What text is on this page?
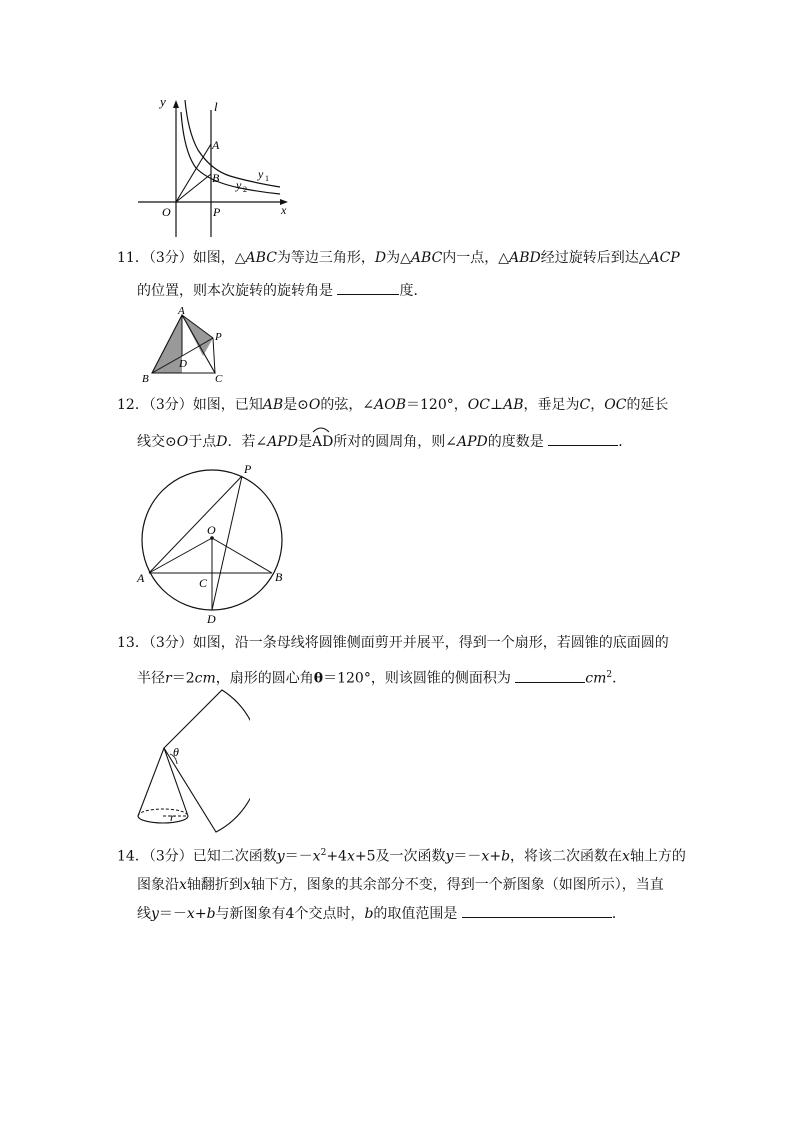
y	l
A
B	y 1
y 2
O	P	x
11．（3分）如图，△ABC为等边三角形，D为△ABC内一点，△ABD经过旋转后到达△ACP
的位置，则本次旋转的旋转角是	度．
A
P
D
B	C
12．（3分）如图，已知AB是⊙O的弦，∠AOB＝120°，OC⊥AB，垂足为C，OC的延长
线交⊙O于点D．若∠APD是
AD所对的圆周角，则∠APD的度数是	．
P
O
A	C	B
D
13．（3分）如图，沿一条母线将圆锥侧面剪开并展平，得到一个扇形，若圆锥的底面圆的
半径r＝2cm，扇形的圆心角θ＝120°，则该圆锥的侧面积为	$cm^2$．
θ
r
14．（3分）已知二次函数$y=-x^2+4x+5$及一次函数y＝－x+b，将该二次函数在x轴上方的
图象沿x轴翻折到x轴下方，图象的其余部分不变，得到一个新图象（如图所示），当直
线y＝－x+b与新图象有4个交点时，b的取值范围是	．
